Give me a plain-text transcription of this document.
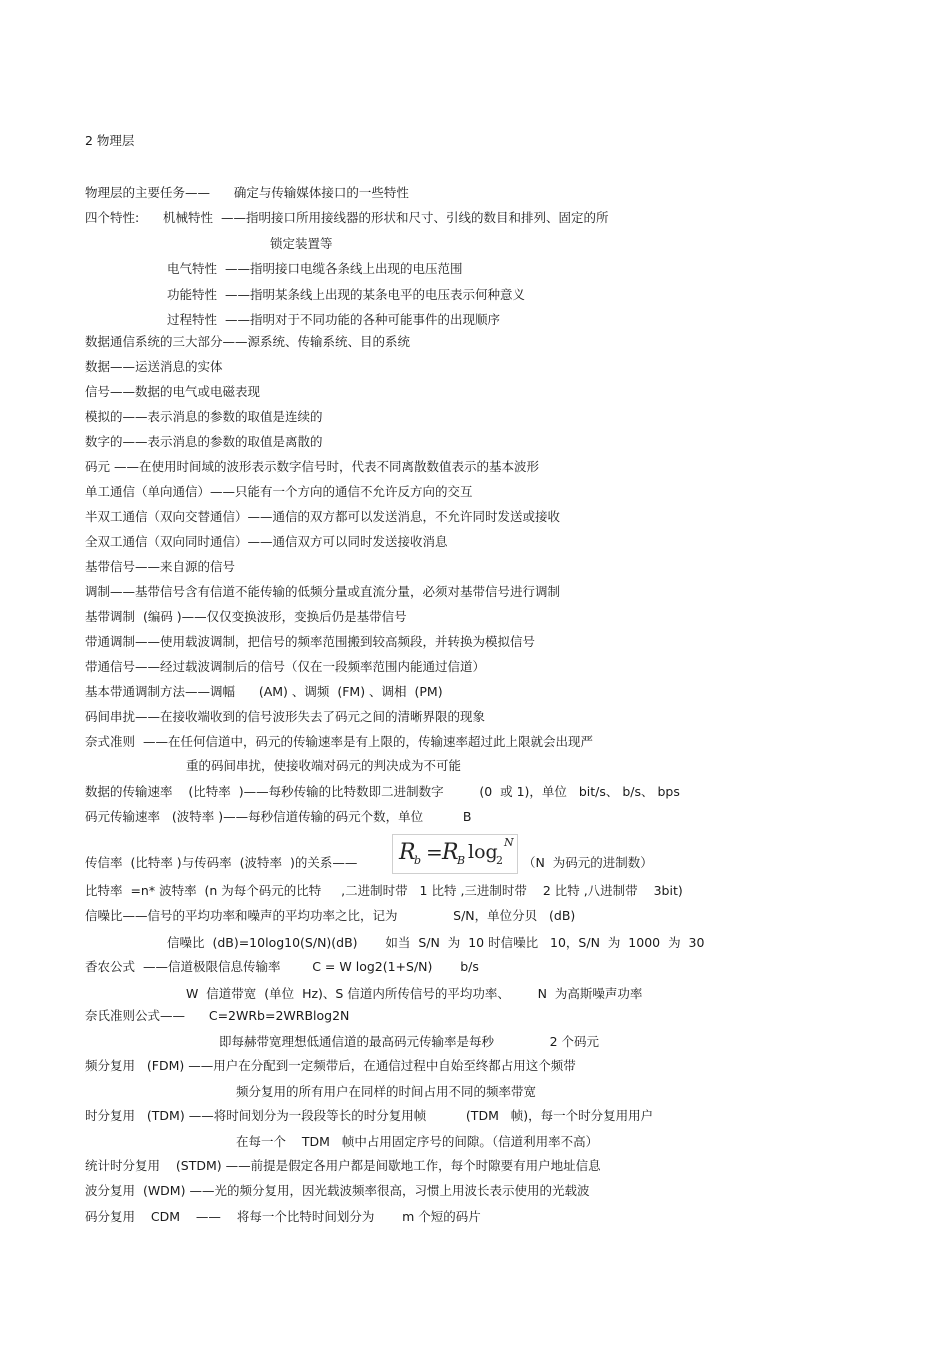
2 物理层
物理层的主要任务——      确定与传输媒体接口的一些特性
四个特性:      机械特性  ——指明接口所用接线器的形状和尺寸、引线的数目和排列、固定的所
锁定装置等
电气特性  ——指明接口电缆各条线上出现的电压范围
功能特性  ——指明某条线上出现的某条电平的电压表示何种意义
过程特性  ——指明对于不同功能的各种可能事件的出现顺序
数据通信系统的三大部分——源系统、传输系统、目的系统
数据——运送消息的实体
信号——数据的电气或电磁表现
模拟的——表示消息的参数的取值是连续的
数字的——表示消息的参数的取值是离散的
码元 ——在使用时间域的波形表示数字信号时，代表不同离散数值表示的基本波形
单工通信（单向通信）——只能有一个方向的通信不允许反方向的交互
半双工通信（双向交替通信）——通信的双方都可以发送消息，不允许同时发送或接收
全双工通信（双向同时通信）——通信双方可以同时发送接收消息
基带信号——来自源的信号
调制——基带信号含有信道不能传输的低频分量或直流分量，必须对基带信号进行调制
基带调制  (编码 )——仅仅变换波形，变换后仍是基带信号
带通调制——使用载波调制，把信号的频率范围搬到较高频段，并转换为模拟信号
带通信号——经过载波调制后的信号（仅在一段频率范围内能通过信道）
基本带通调制方法——调幅      (AM) 、调频  (FM) 、调相  (PM)
码间串扰——在接收端收到的信号波形失去了码元之间的清晰界限的现象
奈式准则  ——在任何信道中，码元的传输速率是有上限的，传输速率超过此上限就会出现严
重的码间串扰，使接收端对码元的判决成为不可能
数据的传输速率    (比特率  )——每秒传输的比特数即二进制数字         (0  或 1)，单位   bit/s、 b/s、 bps
码元传输速率   (波特率 )——每秒信道传输的码元个数，单位          B
传信率  (比特率 )与传码率  (波特率  )的关系—— R
b = R
B log
2
N
（N  为码元的进制数）
比特率  =n* 波特率  (n 为每个码元的比特     ,二进制时带   1 比特 ,三进制时带    2 比特 ,八进制带    3bit)
信噪比——信号的平均功率和噪声的平均功率之比，记为              S/N，单位分贝   (dB)
信噪比  (dB)=10log10(S/N)(dB)       如当  S/N  为  10 时信噪比   10，S/N  为  1000  为  30
香农公式  ——信道极限信息传输率        C = W log2(1+S/N)       b/s
W  信道带宽  (单位  Hz)、S 信道内所传信号的平均功率、       N  为高斯噪声功率
奈氏准则公式——      C=2WRb=2WRBlog2N
即每赫带宽理想低通信道的最高码元传输率是每秒              2 个码元
频分复用   (FDM) ——用户在分配到一定频带后，在通信过程中自始至终都占用这个频带
频分复用的所有用户在同样的时间占用不同的频率带宽
时分复用   (TDM) ——将时间划分为一段段等长的时分复用帧          (TDM   帧)，每一个时分复用用户
在每一个    TDM   帧中占用固定序号的间隙。（信道利用率不高）
统计时分复用    (STDM) ——前提是假定各用户都是间歇地工作，每个时隙要有用户地址信息
波分复用  (WDM) ——光的频分复用，因光载波频率很高，习惯上用波长表示使用的光载波
码分复用    CDM    ——    将每一个比特时间划分为       m 个短的码片
